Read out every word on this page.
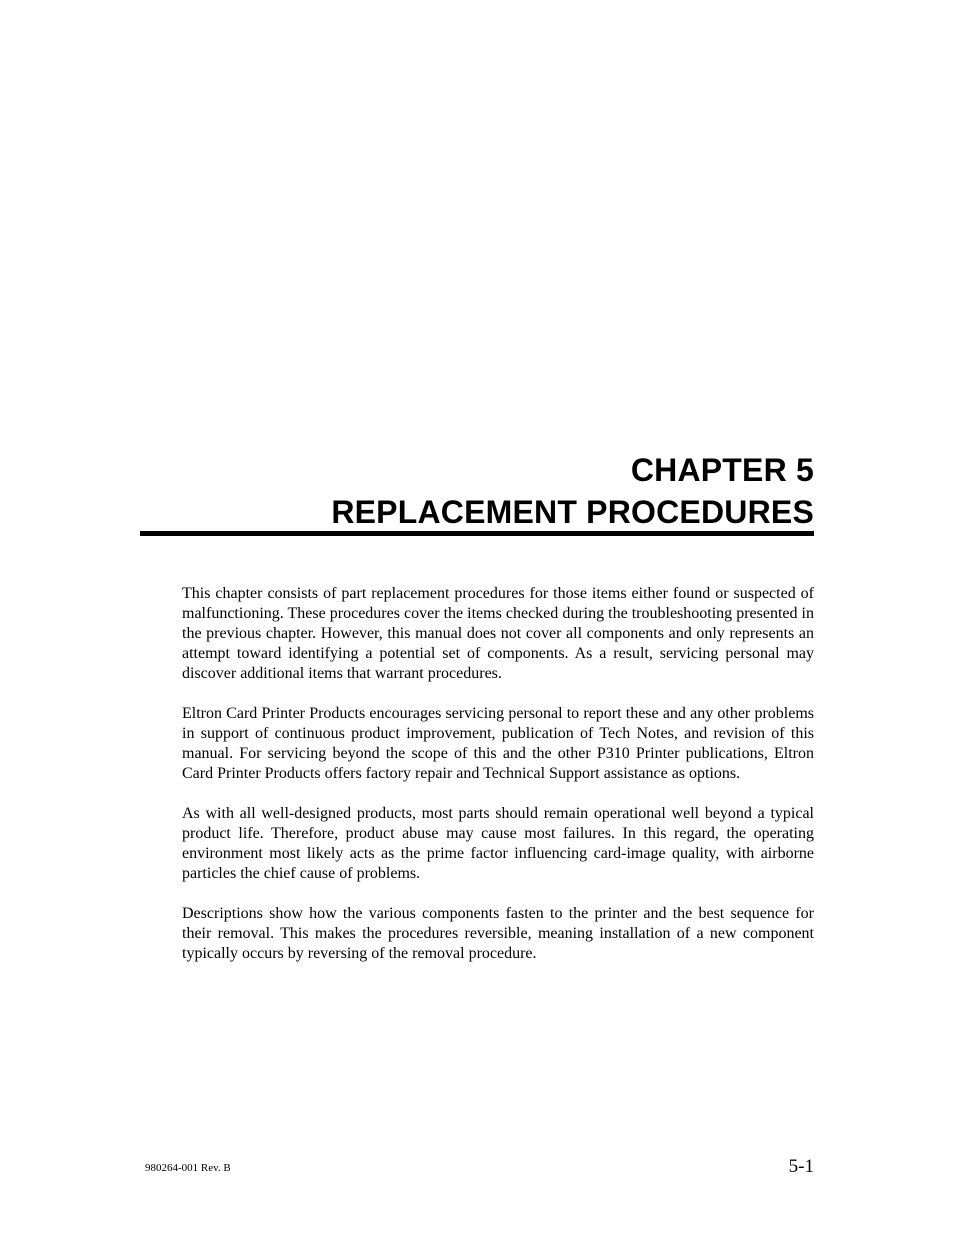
CHAPTER 5
REPLACEMENT PROCEDURES

This chapter consists of part replacement procedures for those items either found or suspected of malfunctioning. These procedures cover the items checked during the troubleshooting presented in the previous chapter. However, this manual does not cover all components and only represents an attempt toward identifying a potential set of components. As a result, servicing personal may discover additional items that warrant procedures.

Eltron Card Printer Products encourages servicing personal to report these and any other problems in support of continuous product improvement, publication of Tech Notes, and revision of this manual. For servicing beyond the scope of this and the other P310 Printer publications, Eltron Card Printer Products offers factory repair and Technical Support assistance as options.

As with all well-designed products, most parts should remain operational well beyond a typical product life. Therefore, product abuse may cause most failures. In this regard, the operating environment most likely acts as the prime factor influencing card-image quality, with airborne particles the chief cause of problems.

Descriptions show how the various components fasten to the printer and the best sequence for their removal. This makes the procedures reversible, meaning installation of a new component typically occurs by reversing of the removal procedure.

980264-001 Rev. B	5-1
